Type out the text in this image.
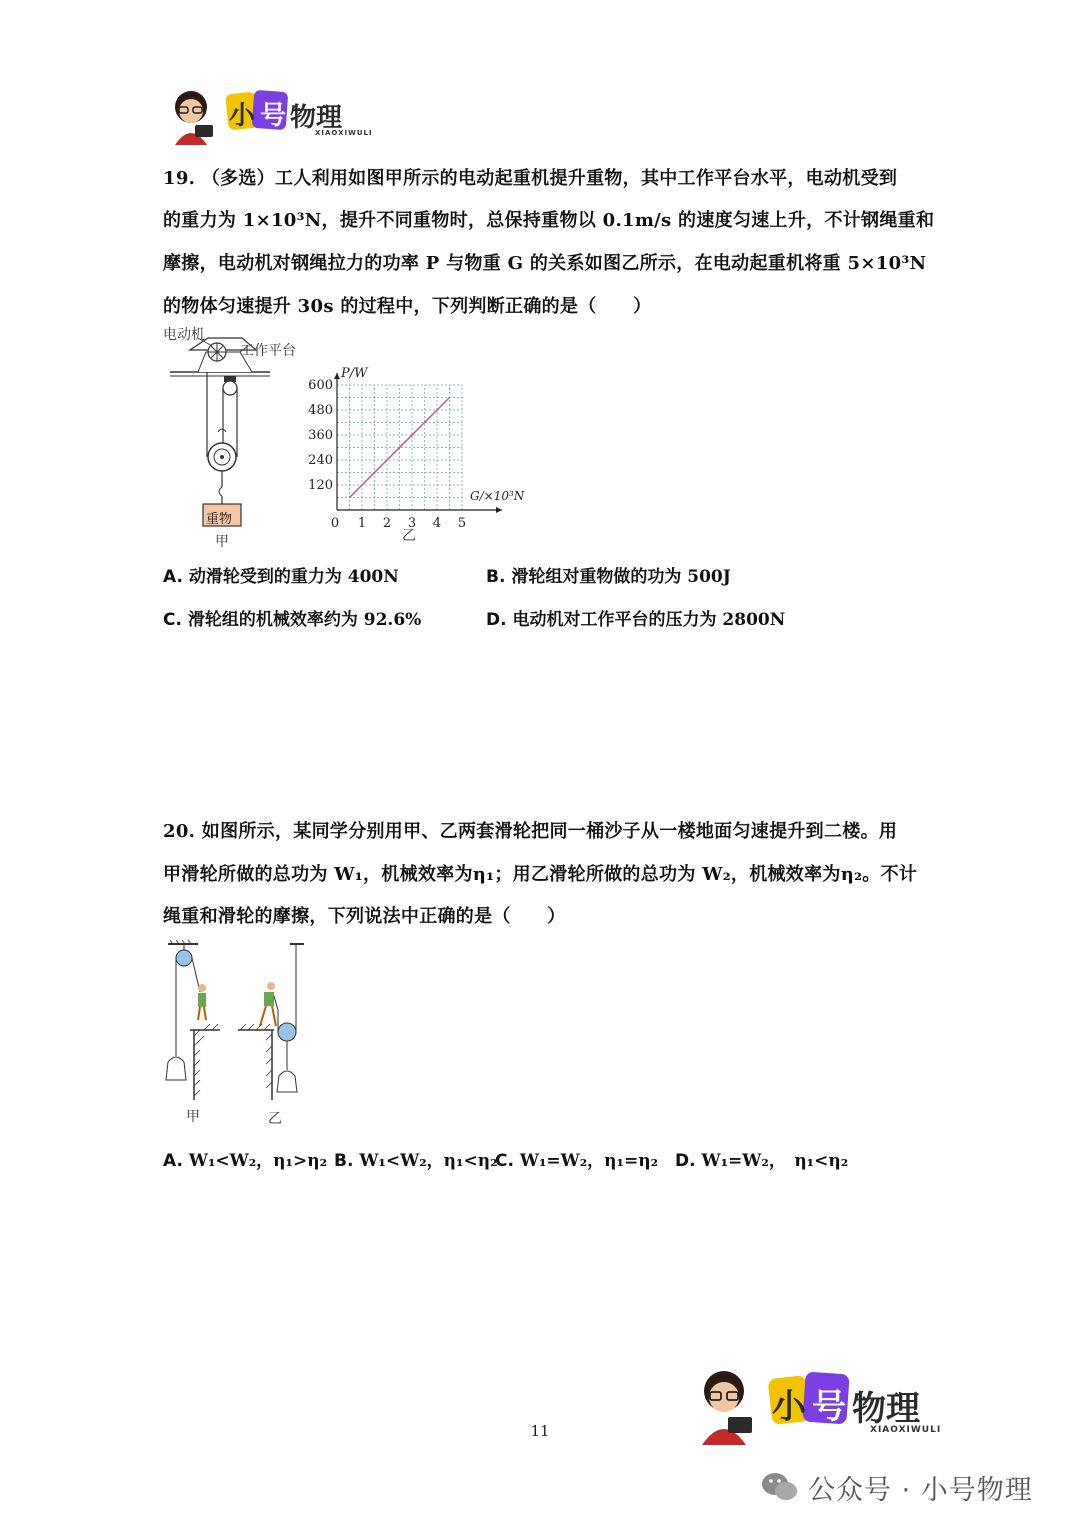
小 号 物理
XIAOXIWULI
19. （多选）工人利用如图甲所示的电动起重机提升重物，其中工作平台水平，电动机受到
的重力为 1×10³N，提升不同重物时，总保持重物以 0.1m/s 的速度匀速上升，不计钢绳重和
摩擦，电动机对钢绳拉力的功率 P 与物重 G 的关系如图乙所示，在电动起重机将重 5×10³N
的物体匀速提升 30s 的过程中，下列判断正确的是（　　）
电动机
工作平台
重物
甲
120
240
360
480
600
1 2 3 4 5
0
P/W
G/×10³N
乙
A. 动滑轮受到的重力为 400N	B. 滑轮组对重物做的功为 500J
C. 滑轮组的机械效率约为 92.6%	D. 电动机对工作平台的压力为 2800N
20. 如图所示，某同学分别用甲、乙两套滑轮把同一桶沙子从一楼地面匀速提升到二楼。用
甲滑轮所做的总功为 W₁，机械效率为η₁；用乙滑轮所做的总功为 W₂，机械效率为η₂。不计
绳重和滑轮的摩擦，下列说法中正确的是（　　）
甲	乙
A. W₁<W₂，η₁>η₂ B. W₁<W₂，η₁<η₂
C. W₁=W₂，η₁=η₂ D. W₁=W₂，　η₁<η₂
小 号 物理
XIAOXIWULI
11
公众号 · 小号物理
